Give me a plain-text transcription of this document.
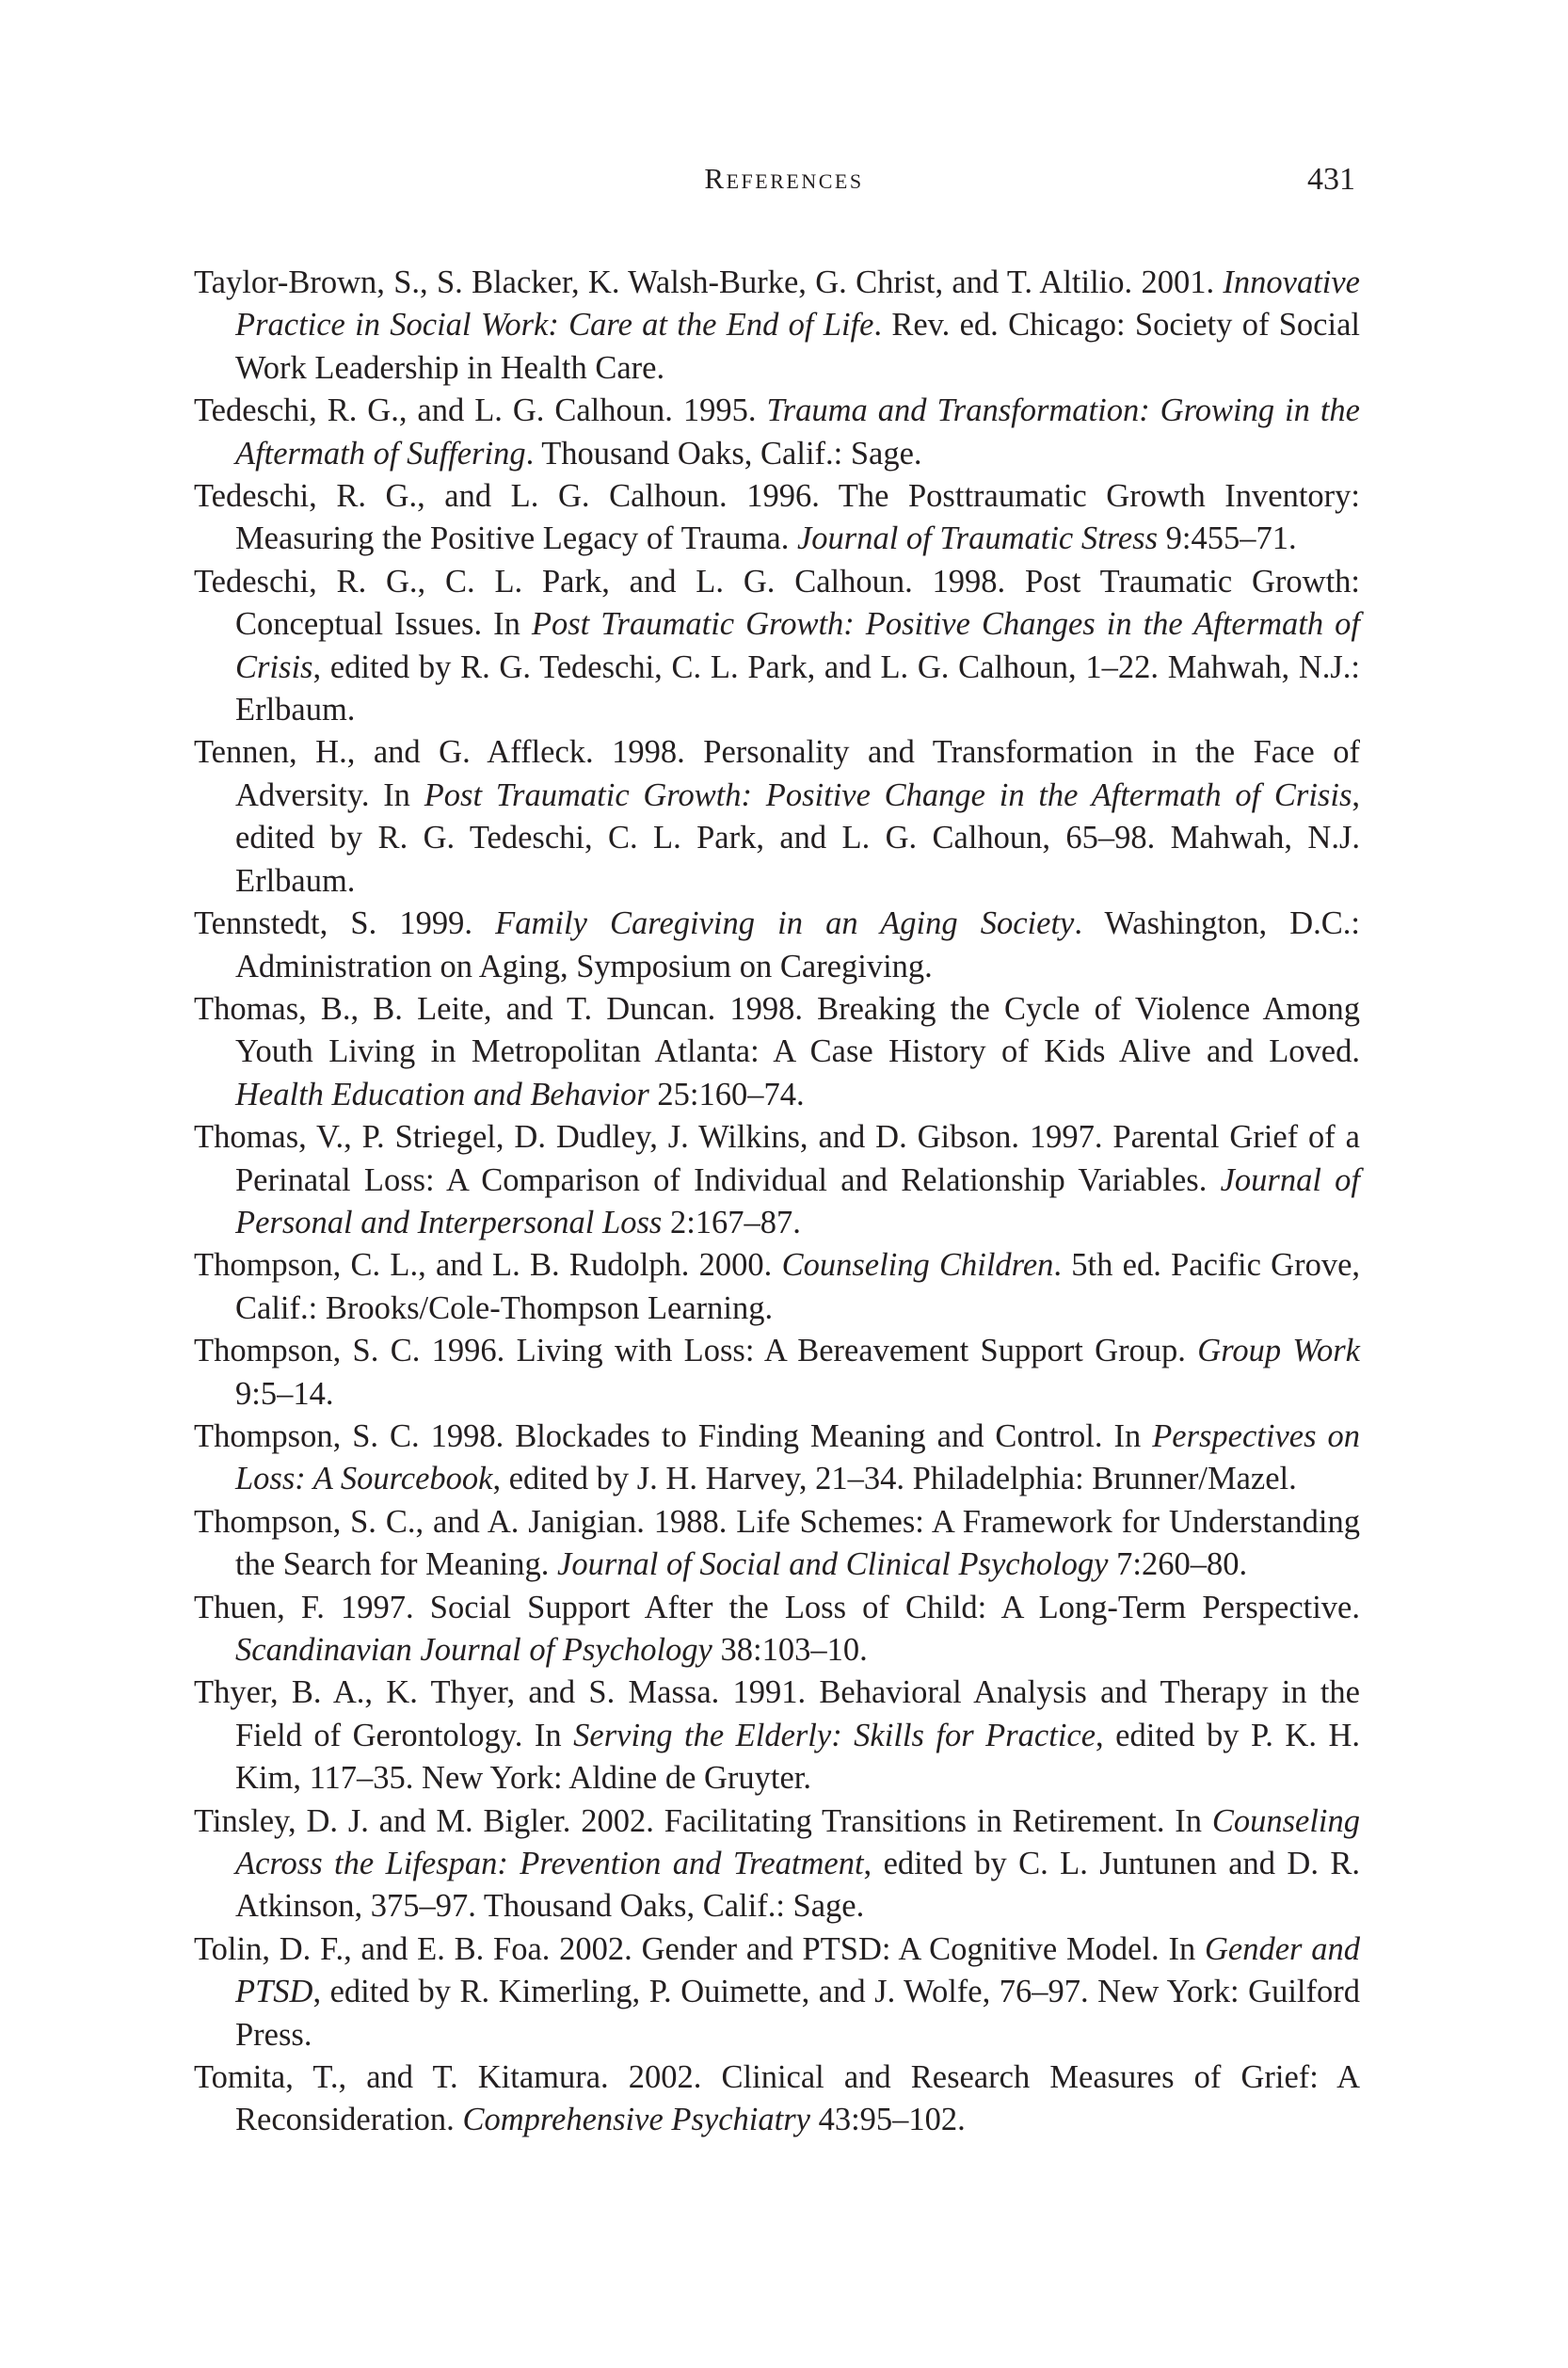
References	431

Taylor-Brown, S., S. Blacker, K. Walsh-Burke, G. Christ, and T. Altilio. 2001. Innovative Practice in Social Work: Care at the End of Life. Rev. ed. Chicago: Society of Social Work Leadership in Health Care.

Tedeschi, R. G., and L. G. Calhoun. 1995. Trauma and Transformation: Growing in the Aftermath of Suffering. Thousand Oaks, Calif.: Sage.

Tedeschi, R. G., and L. G. Calhoun. 1996. The Posttraumatic Growth Inventory: Measuring the Positive Legacy of Trauma. Journal of Traumatic Stress 9:455–71.

Tedeschi, R. G., C. L. Park, and L. G. Calhoun. 1998. Post Traumatic Growth: Conceptual Issues. In Post Traumatic Growth: Positive Changes in the Aftermath of Crisis, edited by R. G. Tedeschi, C. L. Park, and L. G. Calhoun, 1–22. Mahwah, N.J.: Erlbaum.

Tennen, H., and G. Affleck. 1998. Personality and Transformation in the Face of Adversity. In Post Traumatic Growth: Positive Change in the Aftermath of Crisis, edited by R. G. Tedeschi, C. L. Park, and L. G. Calhoun, 65–98. Mahwah, N.J. Erlbaum.

Tennstedt, S. 1999. Family Caregiving in an Aging Society. Washington, D.C.: Administration on Aging, Symposium on Caregiving.

Thomas, B., B. Leite, and T. Duncan. 1998. Breaking the Cycle of Violence Among Youth Living in Metropolitan Atlanta: A Case History of Kids Alive and Loved. Health Education and Behavior 25:160–74.

Thomas, V., P. Striegel, D. Dudley, J. Wilkins, and D. Gibson. 1997. Parental Grief of a Perinatal Loss: A Comparison of Individual and Relationship Variables. Journal of Personal and Interpersonal Loss 2:167–87.

Thompson, C. L., and L. B. Rudolph. 2000. Counseling Children. 5th ed. Pacific Grove, Calif.: Brooks/Cole-Thompson Learning.

Thompson, S. C. 1996. Living with Loss: A Bereavement Support Group. Group Work 9:5–14.

Thompson, S. C. 1998. Blockades to Finding Meaning and Control. In Perspectives on Loss: A Sourcebook, edited by J. H. Harvey, 21–34. Philadelphia: Brunner/Mazel.

Thompson, S. C., and A. Janigian. 1988. Life Schemes: A Framework for Understanding the Search for Meaning. Journal of Social and Clinical Psychology 7:260–80.

Thuen, F. 1997. Social Support After the Loss of Child: A Long-Term Perspective. Scandinavian Journal of Psychology 38:103–10.

Thyer, B. A., K. Thyer, and S. Massa. 1991. Behavioral Analysis and Therapy in the Field of Gerontology. In Serving the Elderly: Skills for Practice, edited by P. K. H. Kim, 117–35. New York: Aldine de Gruyter.

Tinsley, D. J. and M. Bigler. 2002. Facilitating Transitions in Retirement. In Counseling Across the Lifespan: Prevention and Treatment, edited by C. L. Juntunen and D. R. Atkinson, 375–97. Thousand Oaks, Calif.: Sage.

Tolin, D. F., and E. B. Foa. 2002. Gender and PTSD: A Cognitive Model. In Gender and PTSD, edited by R. Kimerling, P. Ouimette, and J. Wolfe, 76–97. New York: Guilford Press.

Tomita, T., and T. Kitamura. 2002. Clinical and Research Measures of Grief: A Reconsideration. Comprehensive Psychiatry 43:95–102.
